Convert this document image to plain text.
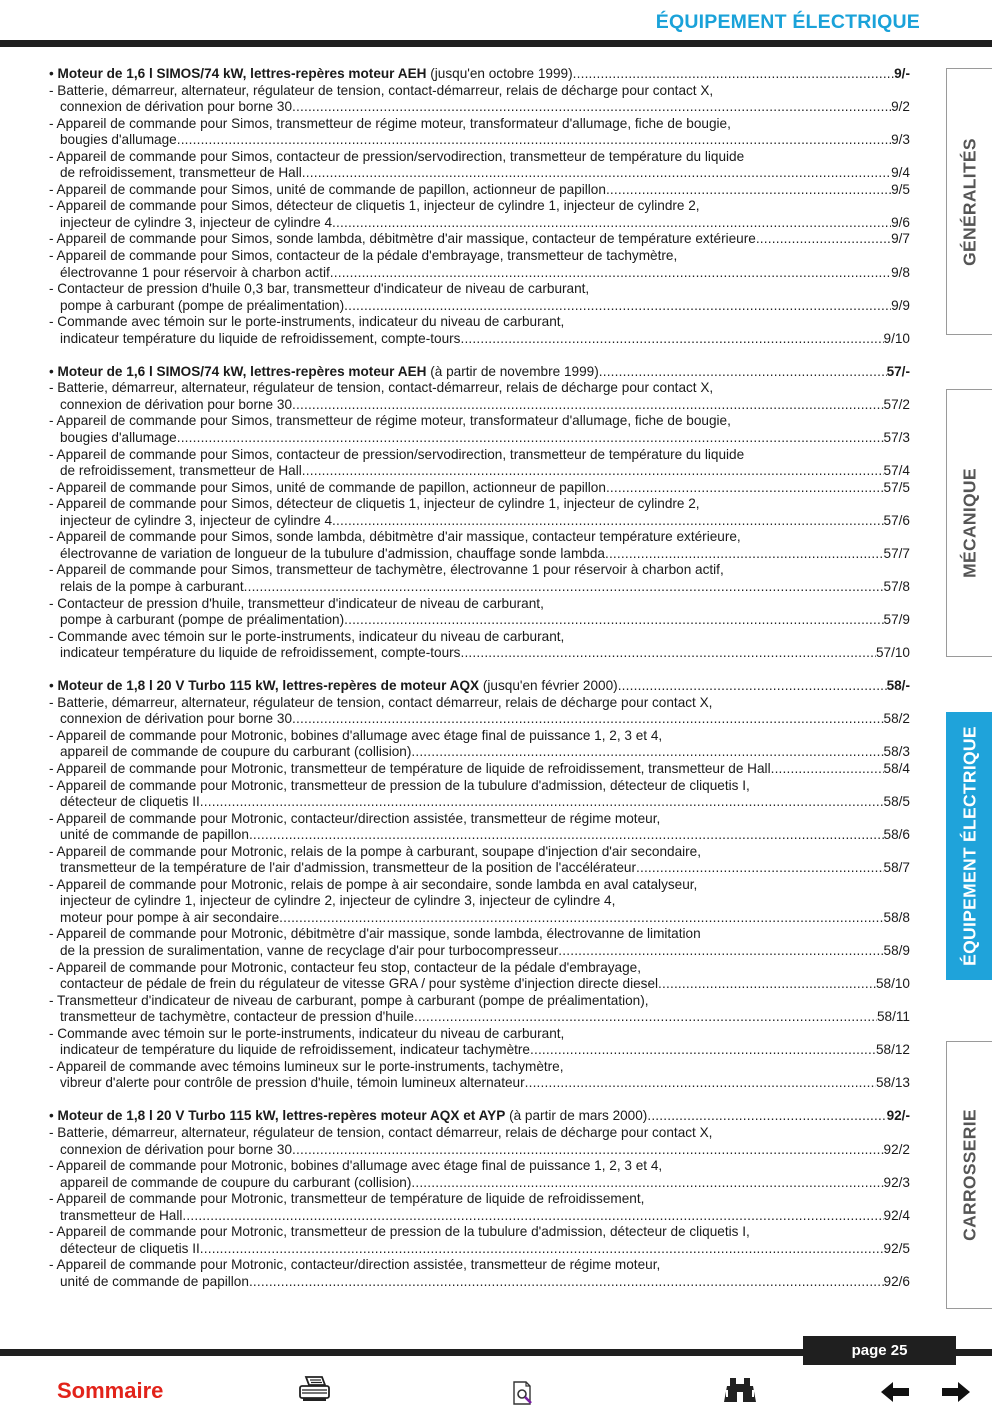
ÉQUIPEMENT ÉLECTRIQUE
• Moteur de 1,6 l SIMOS/74 kW, lettres-repères moteur AEH (jusqu'en octobre 1999) .....	9/-
- Batterie, démarreur, alternateur, régulateur de tension, contact-démarreur, relais de décharge pour contact X,
connexion de dérivation pour borne 30 .....	9/2
- Appareil de commande pour Simos, transmetteur de régime moteur, transformateur d'allumage, fiche de bougie,
bougies d'allumage .....	9/3
- Appareil de commande pour Simos, contacteur de pression/servodirection, transmetteur de température du liquide
de refroidissement, transmetteur de Hall .....	9/4
- Appareil de commande pour Simos, unité de commande de papillon, actionneur de papillon .....	9/5
- Appareil de commande pour Simos, détecteur de cliquetis 1, injecteur de cylindre 1, injecteur de cylindre 2,
injecteur de cylindre 3, injecteur de cylindre 4 .....	9/6
- Appareil de commande pour Simos, sonde lambda, débitmètre d'air massique, contacteur de température extérieure .....	9/7
- Appareil de commande pour Simos, contacteur de la pédale d'embrayage, transmetteur de tachymètre,
électrovanne 1 pour réservoir à charbon actif .....	9/8
- Contacteur de pression d'huile 0,3 bar, transmetteur d'indicateur de niveau de carburant,
pompe à carburant (pompe de préalimentation) .....	9/9
- Commande avec témoin sur le porte-instruments, indicateur du niveau de carburant,
indicateur température du liquide de refroidissement, compte-tours .....	9/10
• Moteur de 1,6 l SIMOS/74 kW, lettres-repères moteur AEH (à partir de novembre 1999) .....	57/-
- Batterie, démarreur, alternateur, régulateur de tension, contact-démarreur, relais de décharge pour contact X,
connexion de dérivation pour borne 30 .....	57/2
- Appareil de commande pour Simos, transmetteur de régime moteur, transformateur d'allumage, fiche de bougie,
bougies d'allumage .....	57/3
- Appareil de commande pour Simos, contacteur de pression/servodirection, transmetteur de température du liquide
de refroidissement, transmetteur de Hall .....	57/4
- Appareil de commande pour Simos, unité de commande de papillon, actionneur de papillon .....	57/5
- Appareil de commande pour Simos, détecteur de cliquetis 1, injecteur de cylindre 1, injecteur de cylindre 2,
injecteur de cylindre 3, injecteur de cylindre 4 .....	57/6
- Appareil de commande pour Simos, sonde lambda, débitmètre d'air massique, contacteur température extérieure,
électrovanne de variation de longueur de la tubulure d'admission, chauffage sonde lambda .....	57/7
- Appareil de commande pour Simos, transmetteur de tachymètre, électrovanne 1 pour réservoir à charbon actif,
relais de la pompe à carburant .....	57/8
- Contacteur de pression d'huile, transmetteur d'indicateur de niveau de carburant,
pompe à carburant (pompe de préalimentation) .....	57/9
- Commande avec témoin sur le porte-instruments, indicateur du niveau de carburant,
indicateur température du liquide de refroidissement, compte-tours .....	57/10
• Moteur de 1,8 l 20 V Turbo 115 kW, lettres-repères de moteur AQX (jusqu'en février 2000) .....	58/-
- Batterie, démarreur, alternateur, régulateur de tension, contact démarreur, relais de décharge pour contact X,
connexion de dérivation pour borne 30 .....	58/2
- Appareil de commande pour Motronic, bobines d'allumage avec étage final de puissance 1, 2, 3 et 4,
appareil de commande de coupure du carburant (collision) .....	58/3
- Appareil de commande pour Motronic, transmetteur de température de liquide de refroidissement, transmetteur de Hall .....	58/4
- Appareil de commande pour Motronic, transmetteur de pression de la tubulure d'admission, détecteur de cliquetis I,
détecteur de cliquetis II .....	58/5
- Appareil de commande pour Motronic, contacteur/direction assistée, transmetteur de régime moteur,
unité de commande de papillon .....	58/6
- Appareil de commande pour Motronic, relais de la pompe à carburant, soupape d'injection d'air secondaire,
transmetteur de la température de l'air d'admission, transmetteur de la position de l'accélérateur .....	58/7
- Appareil de commande pour Motronic, relais de pompe à air secondaire, sonde lambda en aval catalyseur,
injecteur de cylindre 1, injecteur de cylindre 2, injecteur de cylindre 3, injecteur de cylindre 4,
moteur pour pompe à air secondaire .....	58/8
- Appareil de commande pour Motronic, débitmètre d'air massique, sonde lambda, électrovanne de limitation
de la pression de suralimentation, vanne de recyclage d'air pour turbocompresseur .....	58/9
- Appareil de commande pour Motronic, contacteur feu stop, contacteur de la pédale d'embrayage,
contacteur de pédale de frein du régulateur de vitesse GRA / pour système d'injection directe diesel .....	58/10
- Transmetteur d'indicateur de niveau de carburant, pompe à carburant (pompe de préalimentation),
transmetteur de tachymètre, contacteur de pression d'huile .....	58/11
- Commande avec témoin sur le porte-instruments, indicateur du niveau de carburant,
indicateur de température du liquide de refroidissement, indicateur tachymètre .....	58/12
- Appareil de commande avec témoins lumineux sur le porte-instruments, tachymètre,
vibreur d'alerte pour contrôle de pression d'huile, témoin lumineux alternateur .....	58/13
• Moteur de 1,8 l 20 V Turbo 115 kW, lettres-repères moteur AQX et AYP (à partir de mars 2000) .....	92/-
- Batterie, démarreur, alternateur, régulateur de tension, contact démarreur, relais de décharge pour contact X,
connexion de dérivation pour borne 30 .....	92/2
- Appareil de commande pour Motronic, bobines d'allumage avec étage final de puissance 1, 2, 3 et 4,
appareil de commande de coupure du carburant (collision) .....	92/3
- Appareil de commande pour Motronic, transmetteur de température de liquide de refroidissement,
transmetteur de Hall .....	92/4
- Appareil de commande pour Motronic, transmetteur de pression de la tubulure d'admission, détecteur de cliquetis I,
détecteur de cliquetis II .....	92/5
- Appareil de commande pour Motronic, contacteur/direction assistée, transmetteur de régime moteur,
unité de commande de papillon .....	92/6
GÉNÉRALITÉS
MÉCANIQUE
ÉQUIPEMENT ÉLECTRIQUE
CARROSSERIE
page 25
Sommaire
